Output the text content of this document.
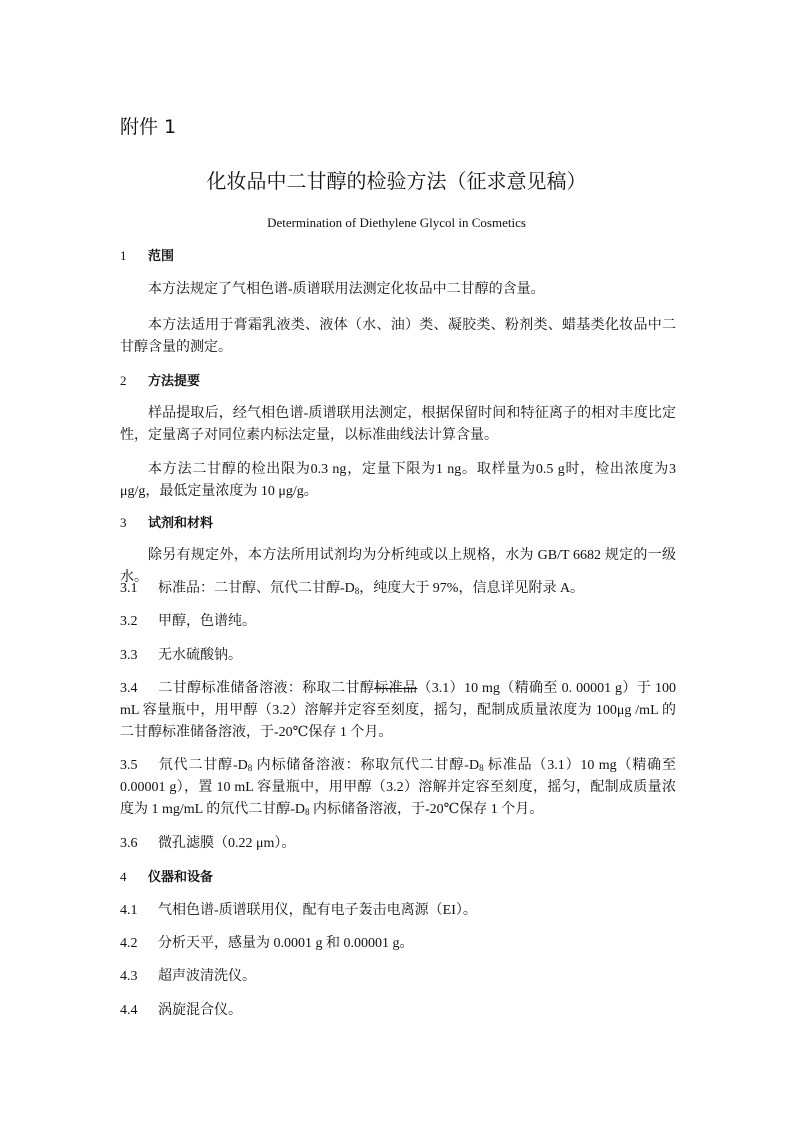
附件 1
化妆品中二甘醇的检验方法（征求意见稿）
Determination of Diethylene Glycol in Cosmetics
1 范围
本方法规定了气相色谱-质谱联用法测定化妆品中二甘醇的含量。
本方法适用于膏霜乳液类、液体（水、油）类、凝胶类、粉剂类、蜡基类化妆品中二甘醇含量的测定。
2 方法提要
样品提取后，经气相色谱-质谱联用法测定，根据保留时间和特征离子的相对丰度比定性，定量离子对同位素内标法定量，以标准曲线法计算含量。
本方法二甘醇的检出限为0.3 ng，定量下限为1 ng。取样量为0.5 g时，检出浓度为3 μg/g，最低定量浓度为 10 μg/g。
3 试剂和材料
除另有规定外，本方法所用试剂均为分析纯或以上规格，水为 GB/T 6682 规定的一级水。
3.1 标准品：二甘醇、氘代二甘醇$-D_8$，纯度大于 97%，信息详见附录 A。
3.2 甲醇，色谱纯。
3.3 无水硫酸钠。
3.4 二甘醇标准储备溶液：称取二甘醇标准品（3.1）10 mg（精确至 0. 00001 g）于 100 mL 容量瓶中，用甲醇（3.2）溶解并定容至刻度，摇匀，配制成质量浓度为 100μg /mL 的二甘醇标准储备溶液，于-20℃保存 1 个月。
3.5 氘代二甘醇$-D_8$ 内标储备溶液：称取氘代二甘醇$-D_8$ 标准品（3.1）10 mg（精确至 0.00001 g），置 10 mL 容量瓶中，用甲醇（3.2）溶解并定容至刻度，摇匀，配制成质量浓度为 1 mg/mL 的氘代二甘醇$-D_8$ 内标储备溶液，于-20℃保存 1 个月。
3.6 微孔滤膜（0.22 μm）。
4 仪器和设备
4.1 气相色谱-质谱联用仪，配有电子轰击电离源（EI）。
4.2 分析天平，感量为 0.0001 g 和 0.00001 g。
4.3 超声波清洗仪。
4.4 涡旋混合仪。
